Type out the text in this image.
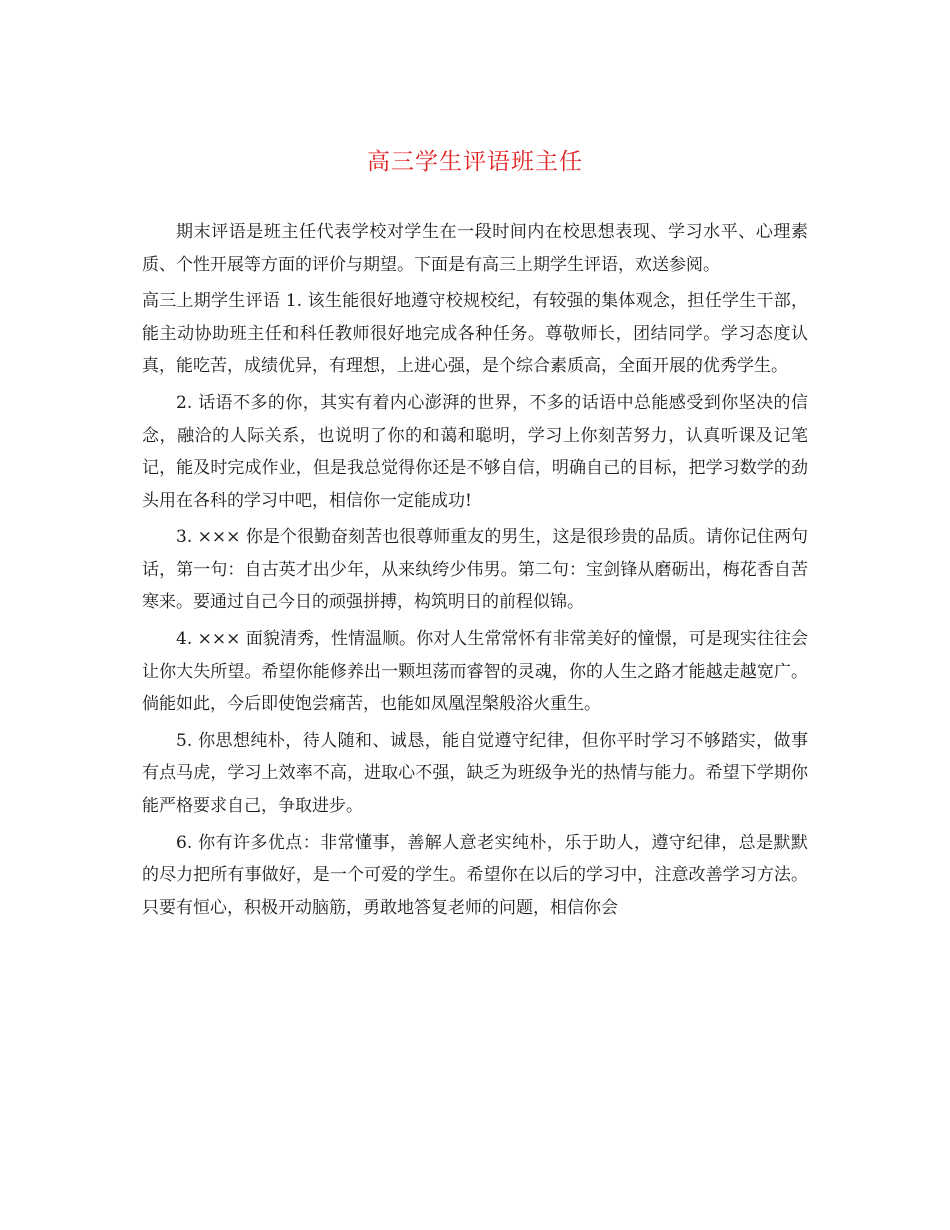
高三学生评语班主任

期末评语是班主任代表学校对学生在一段时间内在校思想表现、学习水平、心理素质、个性开展等方面的评价与期望。下面是有高三上期学生评语，欢送参阅。

高三上期学生评语 1. 该生能很好地遵守校规校纪，有较强的集体观念，担任学生干部，能主动协助班主任和科任教师很好地完成各种任务。尊敬师长，团结同学。学习态度认真，能吃苦，成绩优异，有理想，上进心强，是个综合素质高，全面开展的优秀学生。

2. 话语不多的你，其实有着内心澎湃的世界，不多的话语中总能感受到你坚决的信念，融洽的人际关系，也说明了你的和蔼和聪明，学习上你刻苦努力，认真听课及记笔记，能及时完成作业，但是我总觉得你还是不够自信，明确自己的目标，把学习数学的劲头用在各科的学习中吧，相信你一定能成功!

3. ××× 你是个很勤奋刻苦也很尊师重友的男生，这是很珍贵的品质。请你记住两句话，第一句：自古英才出少年，从来纨绔少伟男。第二句：宝剑锋从磨砺出，梅花香自苦寒来。要通过自己今日的顽强拼搏，构筑明日的前程似锦。

4. ××× 面貌清秀，性情温顺。你对人生常常怀有非常美好的憧憬，可是现实往往会让你大失所望。希望你能修养出一颗坦荡而睿智的灵魂，你的人生之路才能越走越宽广。倘能如此，今后即使饱尝痛苦，也能如凤凰涅槃般浴火重生。

5. 你思想纯朴，待人随和、诚恳，能自觉遵守纪律，但你平时学习不够踏实，做事有点马虎，学习上效率不高，进取心不强，缺乏为班级争光的热情与能力。希望下学期你能严格要求自己，争取进步。

6. 你有许多优点：非常懂事，善解人意老实纯朴，乐于助人，遵守纪律，总是默默的尽力把所有事做好，是一个可爱的学生。希望你在以后的学习中，注意改善学习方法。只要有恒心，积极开动脑筋，勇敢地答复老师的问题，相信你会
